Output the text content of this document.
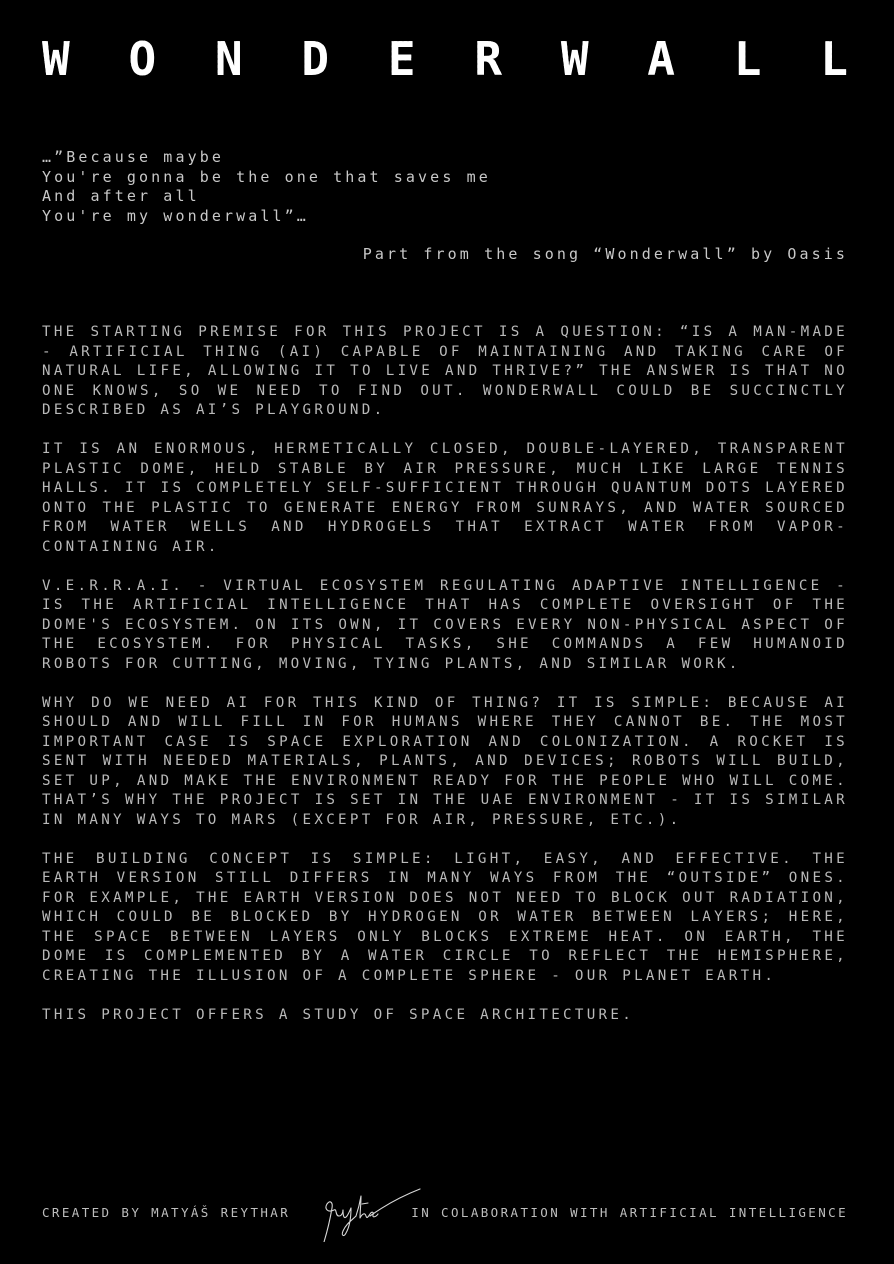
W O N D E R W A L L
…”Because maybe
You're gonna be the one that saves me
And after all
You're my wonderwall”…
Part from the song “Wonderwall” by Oasis

THE STARTING PREMISE FOR THIS PROJECT IS A QUESTION: “IS A MAN-MADE - ARTIFICIAL THING (AI) CAPABLE OF MAINTAINING AND TAKING CARE OF NATURAL LIFE, ALLOWING IT TO LIVE AND THRIVE?” THE ANSWER IS THAT NO ONE KNOWS, SO WE NEED TO FIND OUT. WONDERWALL COULD BE SUCCINCTLY DESCRIBED AS AI’S PLAYGROUND.

IT IS AN ENORMOUS, HERMETICALLY CLOSED, DOUBLE-LAYERED, TRANSPARENT PLASTIC DOME, HELD STABLE BY AIR PRESSURE, MUCH LIKE LARGE TENNIS HALLS. IT IS COMPLETELY SELF-SUFFICIENT THROUGH QUANTUM DOTS LAYERED ONTO THE PLASTIC TO GENERATE ENERGY FROM SUNRAYS, AND WATER SOURCED FROM WATER WELLS AND HYDROGELS THAT EXTRACT WATER FROM VAPOR-CONTAINING AIR.

V.E.R.R.A.I. - VIRTUAL ECOSYSTEM REGULATING ADAPTIVE INTELLIGENCE - IS THE ARTIFICIAL INTELLIGENCE THAT HAS COMPLETE OVERSIGHT OF THE DOME'S ECOSYSTEM. ON ITS OWN, IT COVERS EVERY NON-PHYSICAL ASPECT OF THE ECOSYSTEM. FOR PHYSICAL TASKS, SHE COMMANDS A FEW HUMANOID ROBOTS FOR CUTTING, MOVING, TYING PLANTS, AND SIMILAR WORK.

WHY DO WE NEED AI FOR THIS KIND OF THING? IT IS SIMPLE: BECAUSE AI SHOULD AND WILL FILL IN FOR HUMANS WHERE THEY CANNOT BE. THE MOST IMPORTANT CASE IS SPACE EXPLORATION AND COLONIZATION. A ROCKET IS SENT WITH NEEDED MATERIALS, PLANTS, AND DEVICES; ROBOTS WILL BUILD, SET UP, AND MAKE THE ENVIRONMENT READY FOR THE PEOPLE WHO WILL COME. THAT’S WHY THE PROJECT IS SET IN THE UAE ENVIRONMENT - IT IS SIMILAR IN MANY WAYS TO MARS (EXCEPT FOR AIR, PRESSURE, ETC.).

THE BUILDING CONCEPT IS SIMPLE: LIGHT, EASY, AND EFFECTIVE. THE EARTH VERSION STILL DIFFERS IN MANY WAYS FROM THE “OUTSIDE” ONES. FOR EXAMPLE, THE EARTH VERSION DOES NOT NEED TO BLOCK OUT RADIATION, WHICH COULD BE BLOCKED BY HYDROGEN OR WATER BETWEEN LAYERS; HERE, THE SPACE BETWEEN LAYERS ONLY BLOCKS EXTREME HEAT. ON EARTH, THE DOME IS COMPLEMENTED BY A WATER CIRCLE TO REFLECT THE HEMISPHERE, CREATING THE ILLUSION OF A COMPLETE SPHERE - OUR PLANET EARTH.

THIS PROJECT OFFERS A STUDY OF SPACE ARCHITECTURE.

CREATED BY MATYÁŠ REYTHAR	IN COLABORATION WITH ARTIFICIAL INTELLIGENCE
